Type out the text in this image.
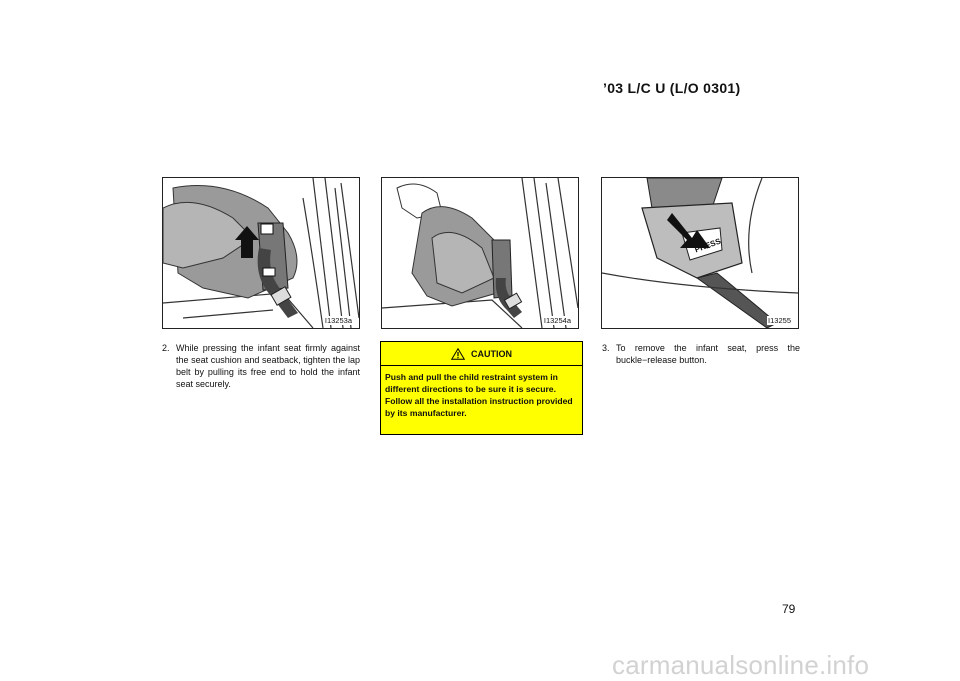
’03 L/C U (L/O 0301)
I13253a	I13254a	I13255
2. While pressing the infant seat firmly against the seat cushion and seatback, tighten the lap belt by pulling its free end to hold the infant seat securely.
CAUTION
Push and pull the child restraint system in different directions to be sure it is secure. Follow all the installation instruction provided by its manufacturer.
3. To remove the infant seat, press the buckle−release button.
79
carmanualsonline.info
